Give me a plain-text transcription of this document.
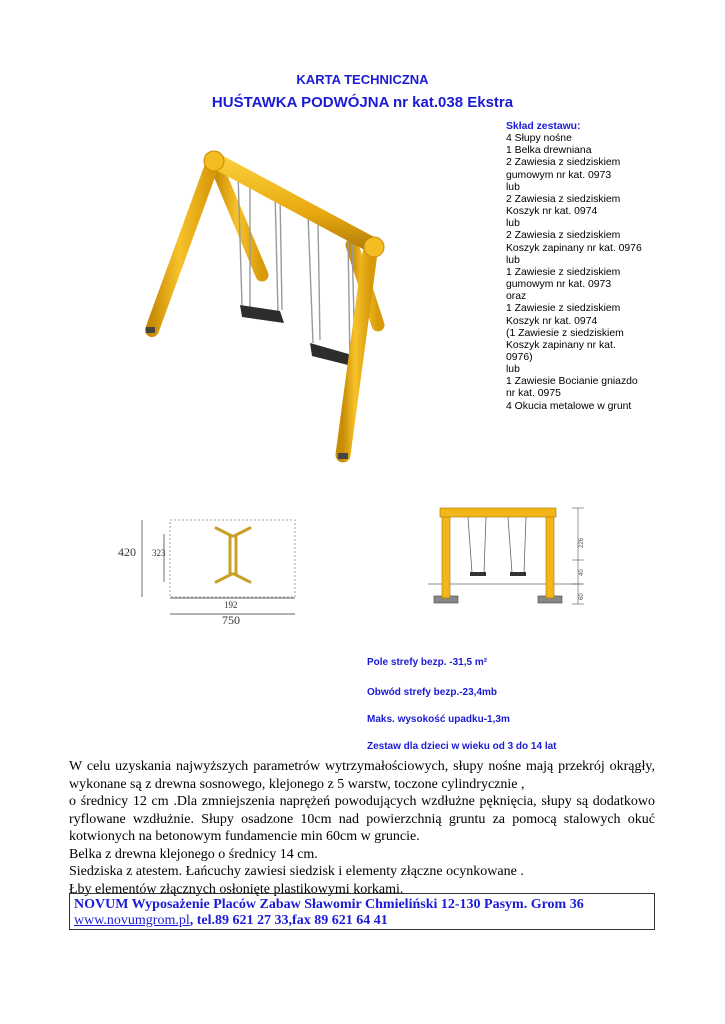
KARTA TECHNICZNA
HUŚTAWKA PODWÓJNA nr kat.038 Ekstra
Skład zestawu:
4 Słupy nośne
1 Belka drewniana
2 Zawiesia z siedziskiem
gumowym nr kat. 0973
lub
2 Zawiesia z siedziskiem
Koszyk nr kat. 0974
lub
2 Zawiesia z siedziskiem
Koszyk zapinany nr kat. 0976
lub
1 Zawiesie z siedziskiem
gumowym nr kat. 0973
oraz
1 Zawiesie z siedziskiem
Koszyk nr kat. 0974
(1 Zawiesie z siedziskiem
Koszyk zapinany nr kat.
0976)
lub
1 Zawiesie Bocianie gniazdo
nr kat. 0975
4 Okucia metalowe w grunt
420 323
192
750
226
40
60
Pole strefy bezp. -31,5 m²
Obwód strefy bezp.-23,4mb
Maks. wysokość upadku-1,3m
Zestaw dla dzieci w wieku od 3 do 14 lat

W celu uzyskania najwyższych parametrów wytrzymałościowych, słupy nośne mają przekrój okrągły, wykonane są z drewna sosnowego, klejonego z 5 warstw, toczone cylindrycznie ,

o średnicy 12 cm .Dla zmniejszenia naprężeń powodujących wzdłużne pęknięcia, słupy są dodatkowo ryflowane wzdłużnie. Słupy osadzone 10cm nad powierzchnią gruntu za pomocą stalowych okuć kotwionych na betonowym fundamencie min 60cm w gruncie.

Belka z drewna klejonego o średnicy 14 cm.

Siedziska z atestem. Łańcuchy zawiesi siedzisk i elementy złączne ocynkowane .

Łby elementów złącznych osłonięte plastikowymi korkami.

NOVUM Wyposażenie Placów Zabaw Sławomir Chmieliński 12-130 Pasym. Grom 36
www.novumgrom.pl, tel.89 621 27 33,fax 89 621 64 41
